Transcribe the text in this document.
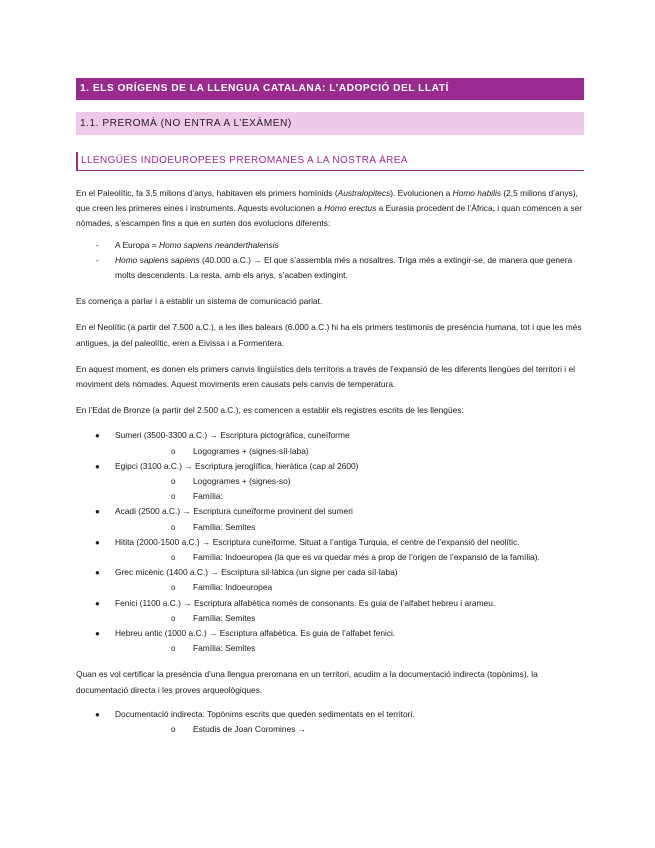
1. ELS ORÍGENS DE LA LLENGUA CATALANA: L’ADOPCIÓ DEL LLATÍ
1.1. PREROMÀ (NO ENTRA A L’EXÀMEN)
LLENGÜES INDOEUROPEES PREROMANES A LA NOSTRA ÀREA

En el Paleolític, fa 3,5 milions d’anys, habitaven els primers homínids (Australopitecs). Evolucionen a Homo habilis (2,5 milions d’anys), que creen les primeres eines i instruments. Aquests evolucionen a Homo erectus a Eurasia procedent de l’Àfrica, i quan comencen a ser nòmades, s’escampen fins a que en surten dos evolucions diferents:

- A Europa = Homo sapiens neanderthalensis
- Homo sapiens sapiens (40.000 a.C.) → El que s’assembla més a nosaltres. Triga més a extingir-se, de manera que genera molts descendents. La resta, amb els anys, s’acaben extingint.

Es comença a parlar i a establir un sistema de comunicació parlat.

En el Neolític (a partir del 7.500 a.C.), a les illes balears (6.000 a.C.) hi ha els primers testimonis de presència humana, tot i que les més antigues, ja del paleolític, eren a Eivissa i a Formentera.

En aquest moment, es donen els primers canvis lingüístics dels territoris a través de l’expansió de les diferents llengües del territori i el moviment dels nòmades. Aquest moviments eren causats pels canvis de temperatura.

En l’Edat de Bronze (a partir del 2.500 a.C.), es comencen a establir els registres escrits de les llengües:

● Sumeri (3500-3300 a.C.) → Escriptura pictogràfica, cuneïforme
o Logogrames + (signes-síl·laba)
● Egipci (3100 a.C.) → Escriptura jeroglífica, hieràtica (cap al 2600)
o Logogrames + (signes-so)
o Família:
● Acadi (2500 a.C.) → Escriptura cuneïforme provinent del sumeri
o Família: Semites
● Hitita (2000-1500 a.C.) → Escriptura cuneïforme. Situat a l’antiga Turquia, el centre de l’expansió del neolític.
o Família: Indoeuropea (la que es va quedar més a prop de l’origen de l’expansió de la família).
● Grec micènic (1400 a.C.) → Escriptura sil·làbica (un signe per cada síl·laba)
o Família: Indoeuropea
● Fenici (1100 a.C.) → Escriptura alfabètica només de consonants. Es guia de l’alfabet hebreu i arameu.
o Família: Semites
● Hebreu antic (1000 a.C.) → Escriptura alfabètica. Es guia de l’alfabet fenici.
o Família: Semites

Quan es vol certificar la presència d’una llengua preromana en un territori, acudim a la documentació indirecta (topònims), la documentació directa i les proves arqueològiques.

● Documentació indirecta: Topònims escrits que queden sedimentats en el territori.
o Estudis de Joan Coromines →
